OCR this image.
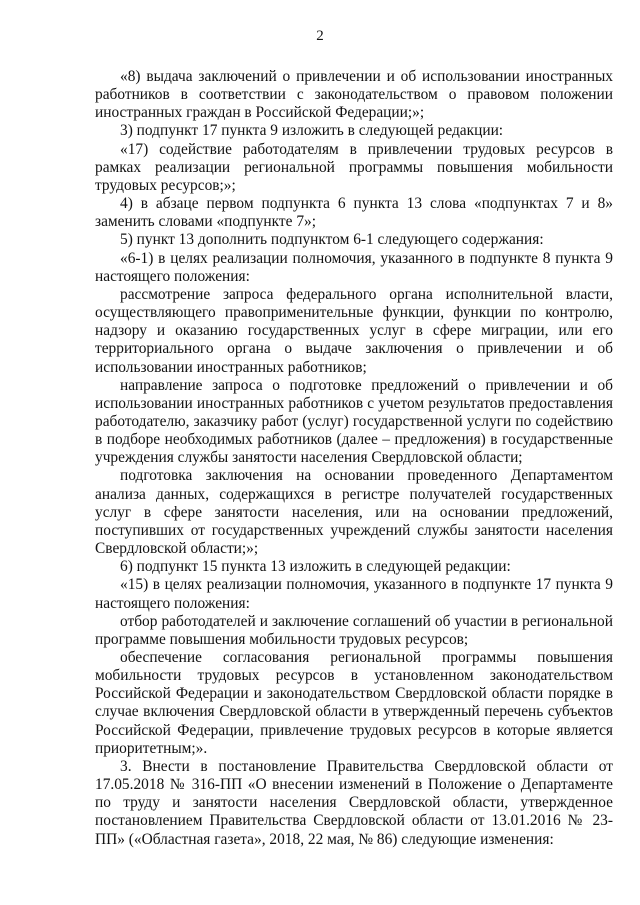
2

«8) выдача заключений о привлечении и об использовании иностранных работников в соответствии с законодательством о правовом положении иностранных граждан в Российской Федерации;»;

3) подпункт 17 пункта 9 изложить в следующей редакции:

«17) содействие работодателям в привлечении трудовых ресурсов в рамках реализации региональной программы повышения мобильности трудовых ресурсов;»;

4) в абзаце первом подпункта 6 пункта 13 слова «подпунктах 7 и 8» заменить словами «подпункте 7»;

5) пункт 13 дополнить подпунктом 6-1 следующего содержания:

«6-1) в целях реализации полномочия, указанного в подпункте 8 пункта 9 настоящего положения:

рассмотрение запроса федерального органа исполнительной власти, осуществляющего правоприменительные функции, функции по контролю, надзору и оказанию государственных услуг в сфере миграции, или его территориального органа о выдаче заключения о привлечении и об использовании иностранных работников;

направление запроса о подготовке предложений о привлечении и об использовании иностранных работников с учетом результатов предоставления работодателю, заказчику работ (услуг) государственной услуги по содействию в подборе необходимых работников (далее – предложения) в государственные учреждения службы занятости населения Свердловской области;

подготовка заключения на основании проведенного Департаментом анализа данных, содержащихся в регистре получателей государственных услуг в сфере занятости населения, или на основании предложений, поступивших от государственных учреждений службы занятости населения Свердловской области;»;

6) подпункт 15 пункта 13 изложить в следующей редакции:

«15) в целях реализации полномочия, указанного в подпункте 17 пункта 9 настоящего положения:

отбор работодателей и заключение соглашений об участии в региональной программе повышения мобильности трудовых ресурсов;

обеспечение согласования региональной программы повышения мобильности трудовых ресурсов в установленном законодательством Российской Федерации и законодательством Свердловской области порядке в случае включения Свердловской области в утвержденный перечень субъектов Российской Федерации, привлечение трудовых ресурсов в которые является приоритетным;».

3. Внести в постановление Правительства Свердловской области от 17.05.2018 № 316-ПП «О внесении изменений в Положение о Департаменте по труду и занятости населения Свердловской области, утвержденное постановлением Правительства Свердловской области от 13.01.2016 № 23-ПП» («Областная газета», 2018, 22 мая, № 86) следующие изменения:
